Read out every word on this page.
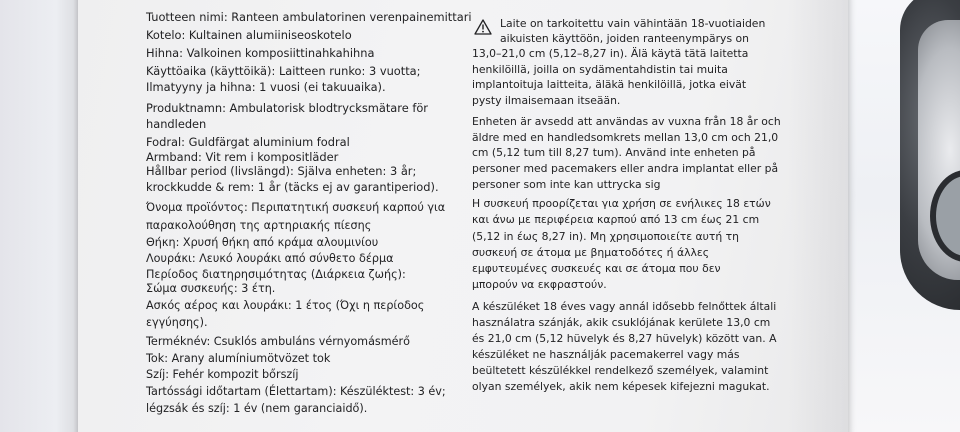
Tuotteen nimi: Ranteen ambulatorinen verenpainemittari
Kotelo: Kultainen alumiiniseoskotelo
Hihna: Valkoinen komposiittinahkahihna
Käyttöaika (käyttöikä): Laitteen runko: 3 vuotta;
Ilmatyyny ja hihna: 1 vuosi (ei takuuaika).
Produktnamn: Ambulatorisk blodtrycksmätare för
handleden
Fodral: Guldfärgat aluminium fodral
Armband: Vit rem i kompositläder
Hållbar period (livslängd): Själva enheten: 3 år;
krockkudde & rem: 1 år (täcks ej av garantiperiod).
Όνομα προϊόντος: Περιπατητική συσκευή καρπού για
παρακολούθηση της αρτηριακής πίεσης
Θήκη: Χρυσή θήκη από κράμα αλουμινίου
Λουράκι: Λευκό λουράκι από σύνθετο δέρμα
Περίοδος διατηρησιμότητας (Διάρκεια ζωής):
Σώμα συσκευής: 3 έτη.
Ασκός αέρος και λουράκι: 1 έτος (Όχι η περίοδος
εγγύησης).
Terméknév: Csuklós ambuláns vérnyomásmérő
Tok: Arany alumíniumötvözet tok
Szíj: Fehér kompozit bőrszíj
Tartóssági időtartam (Élettartam): Készüléktest: 3 év;
légzsák és szíj: 1 év (nem garanciaidő).
Laite on tarkoitettu vain vähintään 18-vuotiaiden
aikuisten käyttöön, joiden ranteenympärys on
13,0–21,0 cm (5,12–8,27 in). Älä käytä tätä laitetta
henkilöillä, joilla on sydämentahdistin tai muita
implantoituja laitteita, äläkä henkilöillä, jotka eivät
pysty ilmaisemaan itseään.
Enheten är avsedd att användas av vuxna från 18 år och
äldre med en handledsomkrets mellan 13,0 cm och 21,0
cm (5,12 tum till 8,27 tum). Använd inte enheten på
personer med pacemakers eller andra implantat eller på
personer som inte kan uttrycka sig
Η συσκευή προορίζεται για χρήση σε ενήλικες 18 ετών
και άνω με περιφέρεια καρπού από 13 cm έως 21 cm
(5,12 in έως 8,27 in). Μη χρησιμοποιείτε αυτή τη
συσκευή σε άτομα με βηματοδότες ή άλλες
εμφυτευμένες συσκευές και σε άτομα που δεν
μπορούν να εκφραστούν.
A készüléket 18 éves vagy annál idősebb felnőttek általi
használatra szánják, akik csuklójának kerülete 13,0 cm
és 21,0 cm (5,12 hüvelyk és 8,27 hüvelyk) között van. A
készüléket ne használják pacemakerrel vagy más
beültetett készülékkel rendelkező személyek, valamint
olyan személyek, akik nem képesek kifejezni magukat.
